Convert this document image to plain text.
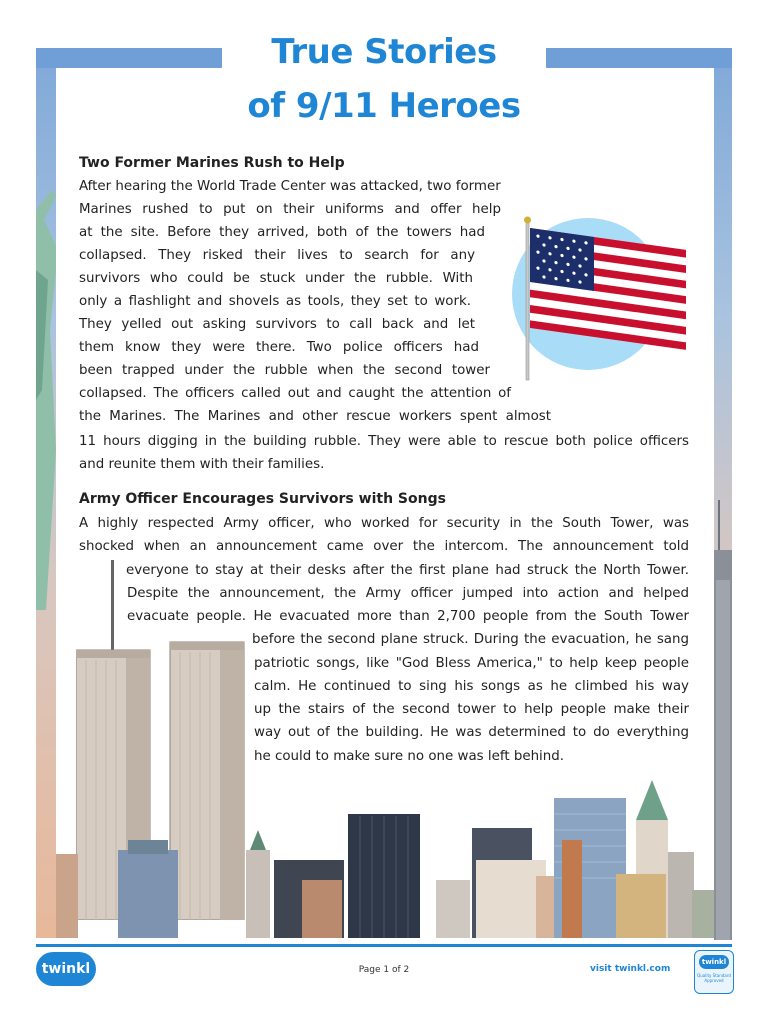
True Stories
of 9/11 Heroes
Two Former Marines Rush to Help
After hearing the World Trade Center was attacked, two former
Marines rushed to put on their uniforms and offer help
at the site. Before they arrived, both of the towers had
collapsed. They risked their lives to search for any
survivors who could be stuck under the rubble. With
only a flashlight and shovels as tools, they set to work.
They yelled out asking survivors to call back and let
them know they were there. Two police officers had
been trapped under the rubble when the second tower
collapsed. The officers called out and caught the attention of
the Marines. The Marines and other rescue workers spent almost
11 hours digging in the building rubble. They were able to rescue both police officers
and reunite them with their families.
Army Officer Encourages Survivors with Songs
A highly respected Army officer, who worked for security in the South Tower, was
shocked when an announcement came over the intercom. The announcement told
everyone to stay at their desks after the first plane had struck the North Tower.
Despite the announcement, the Army officer jumped into action and helped
evacuate people. He evacuated more than 2,700 people from the South Tower
before the second plane struck. During the evacuation, he sang
patriotic songs, like "God Bless America," to help keep people
calm. He continued to sing his songs as he climbed his way
up the stairs of the second tower to help people make their
way out of the building. He was determined to do everything
he could to make sure no one was left behind.
twinkl	Page 1 of 2	visit twinkl.com
twinkl
Quality Standard Approved
